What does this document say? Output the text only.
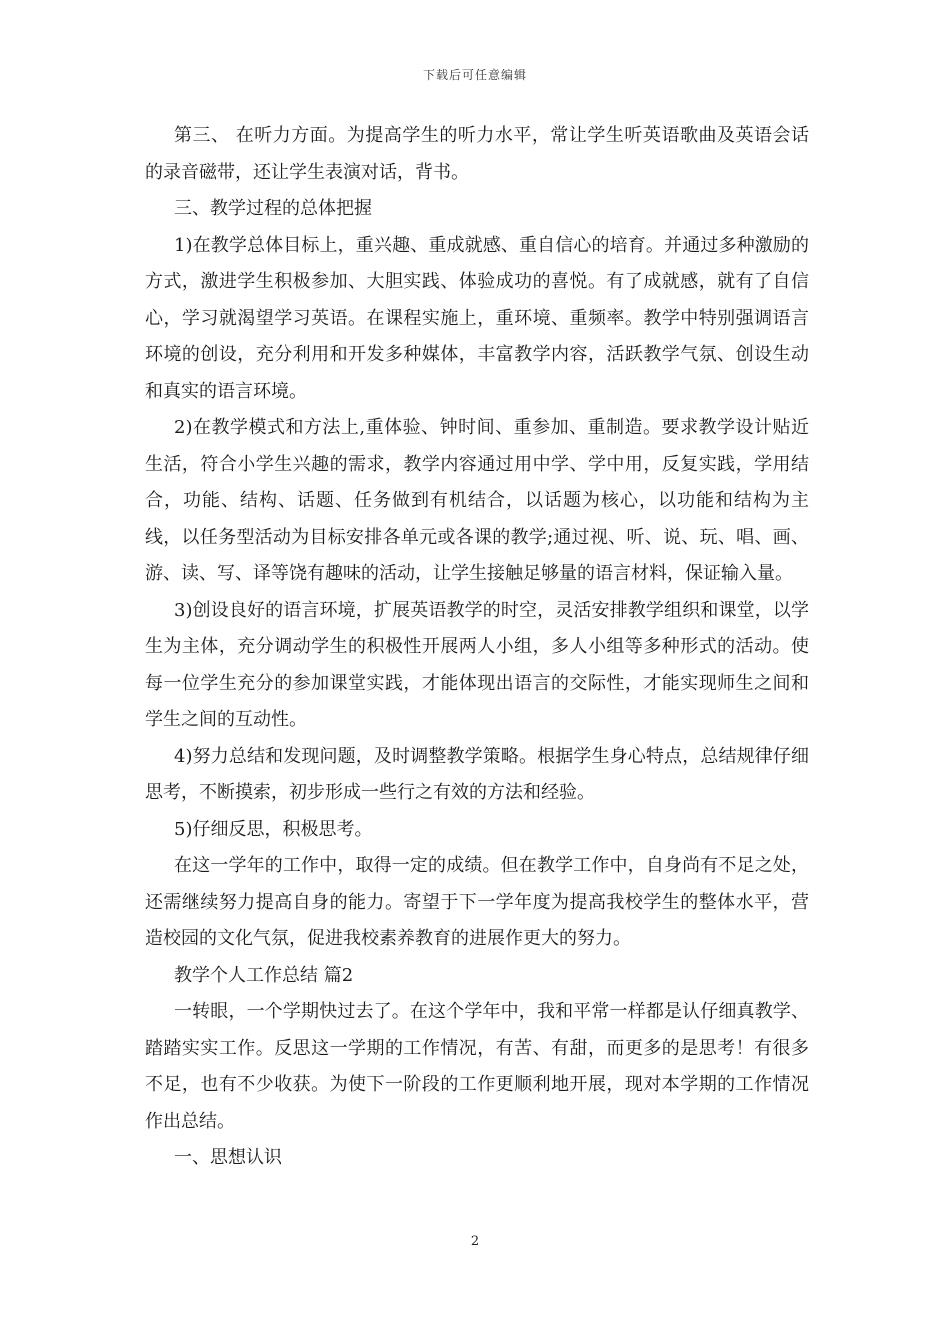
下载后可任意编辑

第三、 在听力方面。为提高学生的听力水平，常让学生听英语歌曲及英语会话的录音磁带，还让学生表演对话，背书。

三、教学过程的总体把握

1)在教学总体目标上，重兴趣、重成就感、重自信心的培育。并通过多种激励的方式，激进学生积极参加、大胆实践、体验成功的喜悦。有了成就感，就有了自信心，学习就渴望学习英语。在课程实施上，重环境、重频率。教学中特别强调语言环境的创设，充分利用和开发多种媒体，丰富教学内容，活跃教学气氛、创设生动和真实的语言环境。

2)在教学模式和方法上,重体验、钟时间、重参加、重制造。要求教学设计贴近生活，符合小学生兴趣的需求，教学内容通过用中学、学中用，反复实践，学用结合，功能、结构、话题、任务做到有机结合，以话题为核心，以功能和结构为主线，以任务型活动为目标安排各单元或各课的教学;通过视、听、说、玩、唱、画、游、读、写、译等饶有趣味的活动，让学生接触足够量的语言材料，保证输入量。

3)创设良好的语言环境，扩展英语教学的时空，灵活安排教学组织和课堂，以学生为主体，充分调动学生的积极性开展两人小组，多人小组等多种形式的活动。使每一位学生充分的参加课堂实践，才能体现出语言的交际性，才能实现师生之间和学生之间的互动性。

4)努力总结和发现问题，及时调整教学策略。根据学生身心特点，总结规律仔细思考，不断摸索，初步形成一些行之有效的方法和经验。

5)仔细反思，积极思考。

在这一学年的工作中，取得一定的成绩。但在教学工作中，自身尚有不足之处，还需继续努力提高自身的能力。寄望于下一学年度为提高我校学生的整体水平，营造校园的文化气氛，促进我校素养教育的进展作更大的努力。

教学个人工作总结 篇2

一转眼，一个学期快过去了。在这个学年中，我和平常一样都是认仔细真教学、踏踏实实工作。反思这一学期的工作情况，有苦、有甜，而更多的是思考！有很多不足，也有不少收获。为使下一阶段的工作更顺利地开展，现对本学期的工作情况作出总结。

一、思想认识

2
